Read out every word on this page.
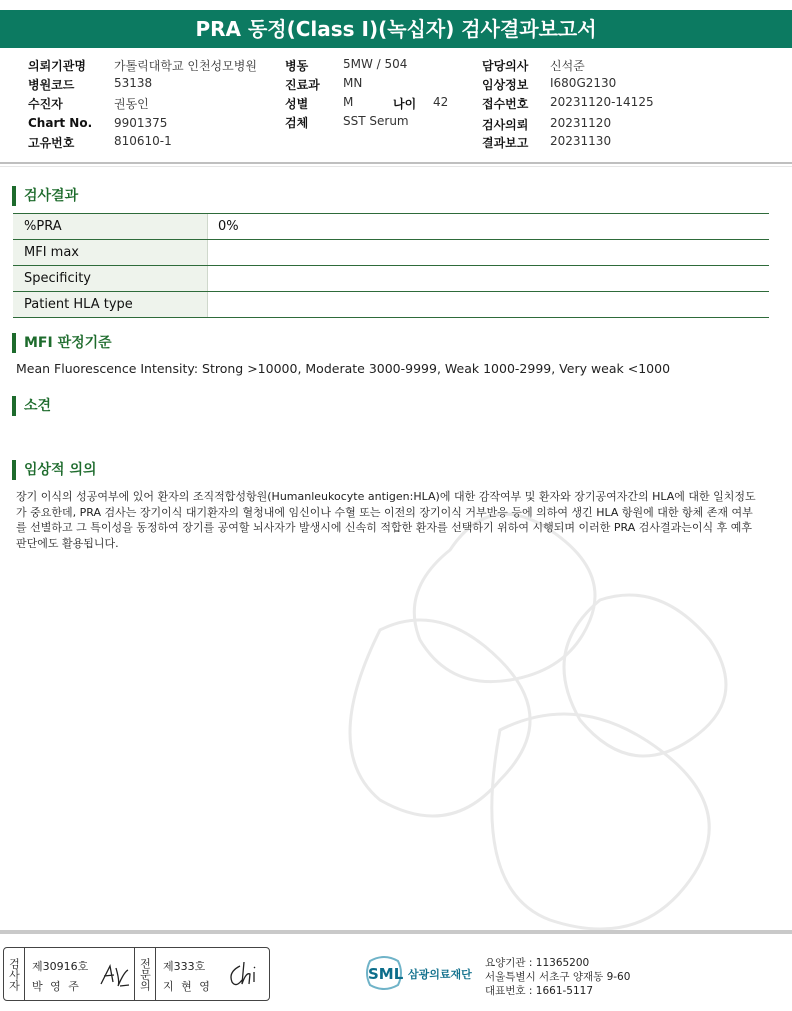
PRA 동정(Class I)(녹십자) 검사결과보고서
의뢰기관명 가톨릭대학교 인천성모병원
병원코드	53138
수진자	권동인
Chart No. 9901375
고유번호	810610-1
병동	5MW / 504
진료과 MN
성별	M	나이 42
검체	SST Serum
담당의사 신석준
임상정보 I680G2130
접수번호 20231120-14125
검사의뢰 20231120
결과보고 20231130
검사결과
%PRA	0%
MFI max	
Specificity	
Patient HLA type	
MFI 판정기준
Mean Fluorescence Intensity: Strong >10000, Moderate 3000-9999, Weak 1000-2999, Very weak <1000
소견
임상적 의의
장기 이식의 성공여부에 있어 환자의 조직적합성항원(Humanleukocyte antigen:HLA)에 대한 감작여부 및 환자와 장기공여자간의 HLA에 대한 일치정도가 중요한데, PRA 검사는 장기이식 대기환자의 혈청내에 임신이나 수혈 또는 이전의 장기이식 거부반응 등에 의하여 생긴 HLA 항원에 대한 항체 존재 여부를 선별하고 그 특이성을 동정하여 장기를 공여할 뇌사자가 발생시에 신속히 적합한 환자를 선택하기 위하여 시행되며 이러한 PRA 검사결과는이식 후 예후 판단에도 활용됩니다.
검사자 제30916호
박 영 주	전문의 제333호
지 현 영
SML 삼광의료재단
요양기관 : 11365200
서울특별시 서초구 양재동 9-60
대표번호 : 1661-5117
